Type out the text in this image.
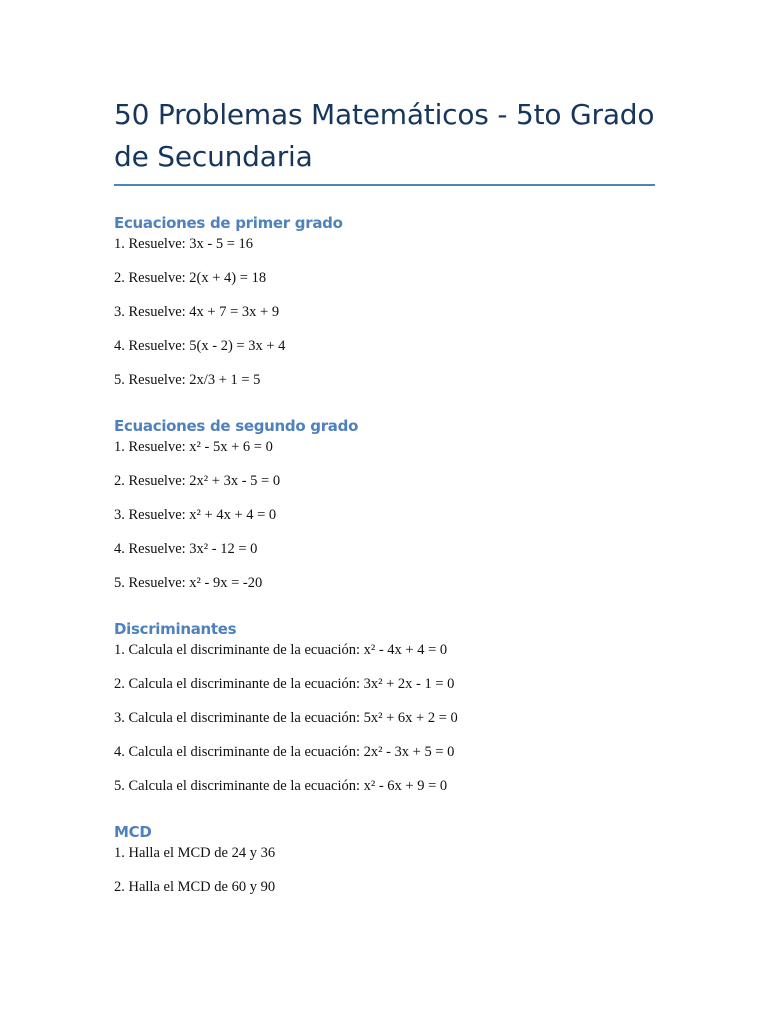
50 Problemas Matemáticos - 5to Grado de Secundaria
Ecuaciones de primer grado
1. Resuelve: 3x - 5 = 16
2. Resuelve: 2(x + 4) = 18
3. Resuelve: 4x + 7 = 3x + 9
4. Resuelve: 5(x - 2) = 3x + 4
5. Resuelve: 2x/3 + 1 = 5
Ecuaciones de segundo grado
1. Resuelve: x² - 5x + 6 = 0
2. Resuelve: 2x² + 3x - 5 = 0
3. Resuelve: x² + 4x + 4 = 0
4. Resuelve: 3x² - 12 = 0
5. Resuelve: x² - 9x = -20
Discriminantes
1. Calcula el discriminante de la ecuación: x² - 4x + 4 = 0
2. Calcula el discriminante de la ecuación: 3x² + 2x - 1 = 0
3. Calcula el discriminante de la ecuación: 5x² + 6x + 2 = 0
4. Calcula el discriminante de la ecuación: 2x² - 3x + 5 = 0
5. Calcula el discriminante de la ecuación: x² - 6x + 9 = 0
MCD
1. Halla el MCD de 24 y 36
2. Halla el MCD de 60 y 90
